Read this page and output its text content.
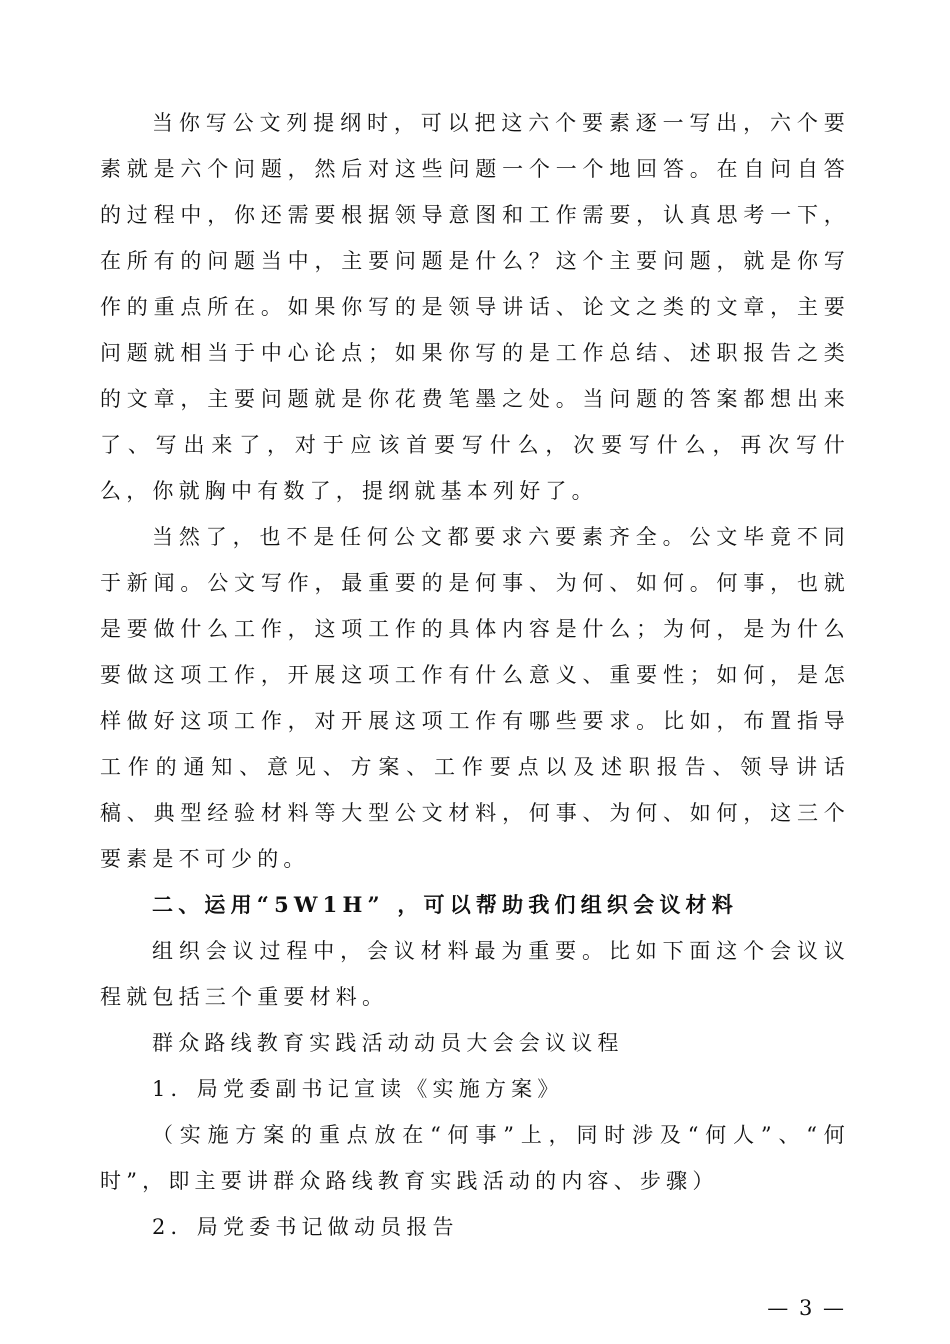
当你写公文列提纲时，可以把这六个要素逐一写出，六个要素就是六个问题，然后对这些问题一个一个地回答。在自问自答的过程中，你还需要根据领导意图和工作需要，认真思考一下，在所有的问题当中，主要问题是什么？这个主要问题，就是你写作的重点所在。如果你写的是领导讲话、论文之类的文章，主要问题就相当于中心论点；如果你写的是工作总结、述职报告之类的文章，主要问题就是你花费笔墨之处。当问题的答案都想出来了、写出来了，对于应该首要写什么，次要写什么，再次写什么，你就胸中有数了，提纲就基本列好了。

当然了，也不是任何公文都要求六要素齐全。公文毕竟不同于新闻。公文写作，最重要的是何事、为何、如何。何事，也就是要做什么工作，这项工作的具体内容是什么；为何，是为什么要做这项工作，开展这项工作有什么意义、重要性；如何，是怎样做好这项工作，对开展这项工作有哪些要求。比如，布置指导工作的通知、意见、方案、工作要点以及述职报告、领导讲话稿、典型经验材料等大型公文材料，何事、为何、如何，这三个要素是不可少的。

二、运用“5W1H” ，可以帮助我们组织会议材料

组织会议过程中，会议材料最为重要。比如下面这个会议议程就包括三个重要材料。

群众路线教育实践活动动员大会会议议程

1．局党委副书记宣读《实施方案》

（实施方案的重点放在“何事”上，同时涉及“何人”、“何时”，即主要讲群众路线教育实践活动的内容、步骤）

2．局党委书记做动员报告

— 3 —
